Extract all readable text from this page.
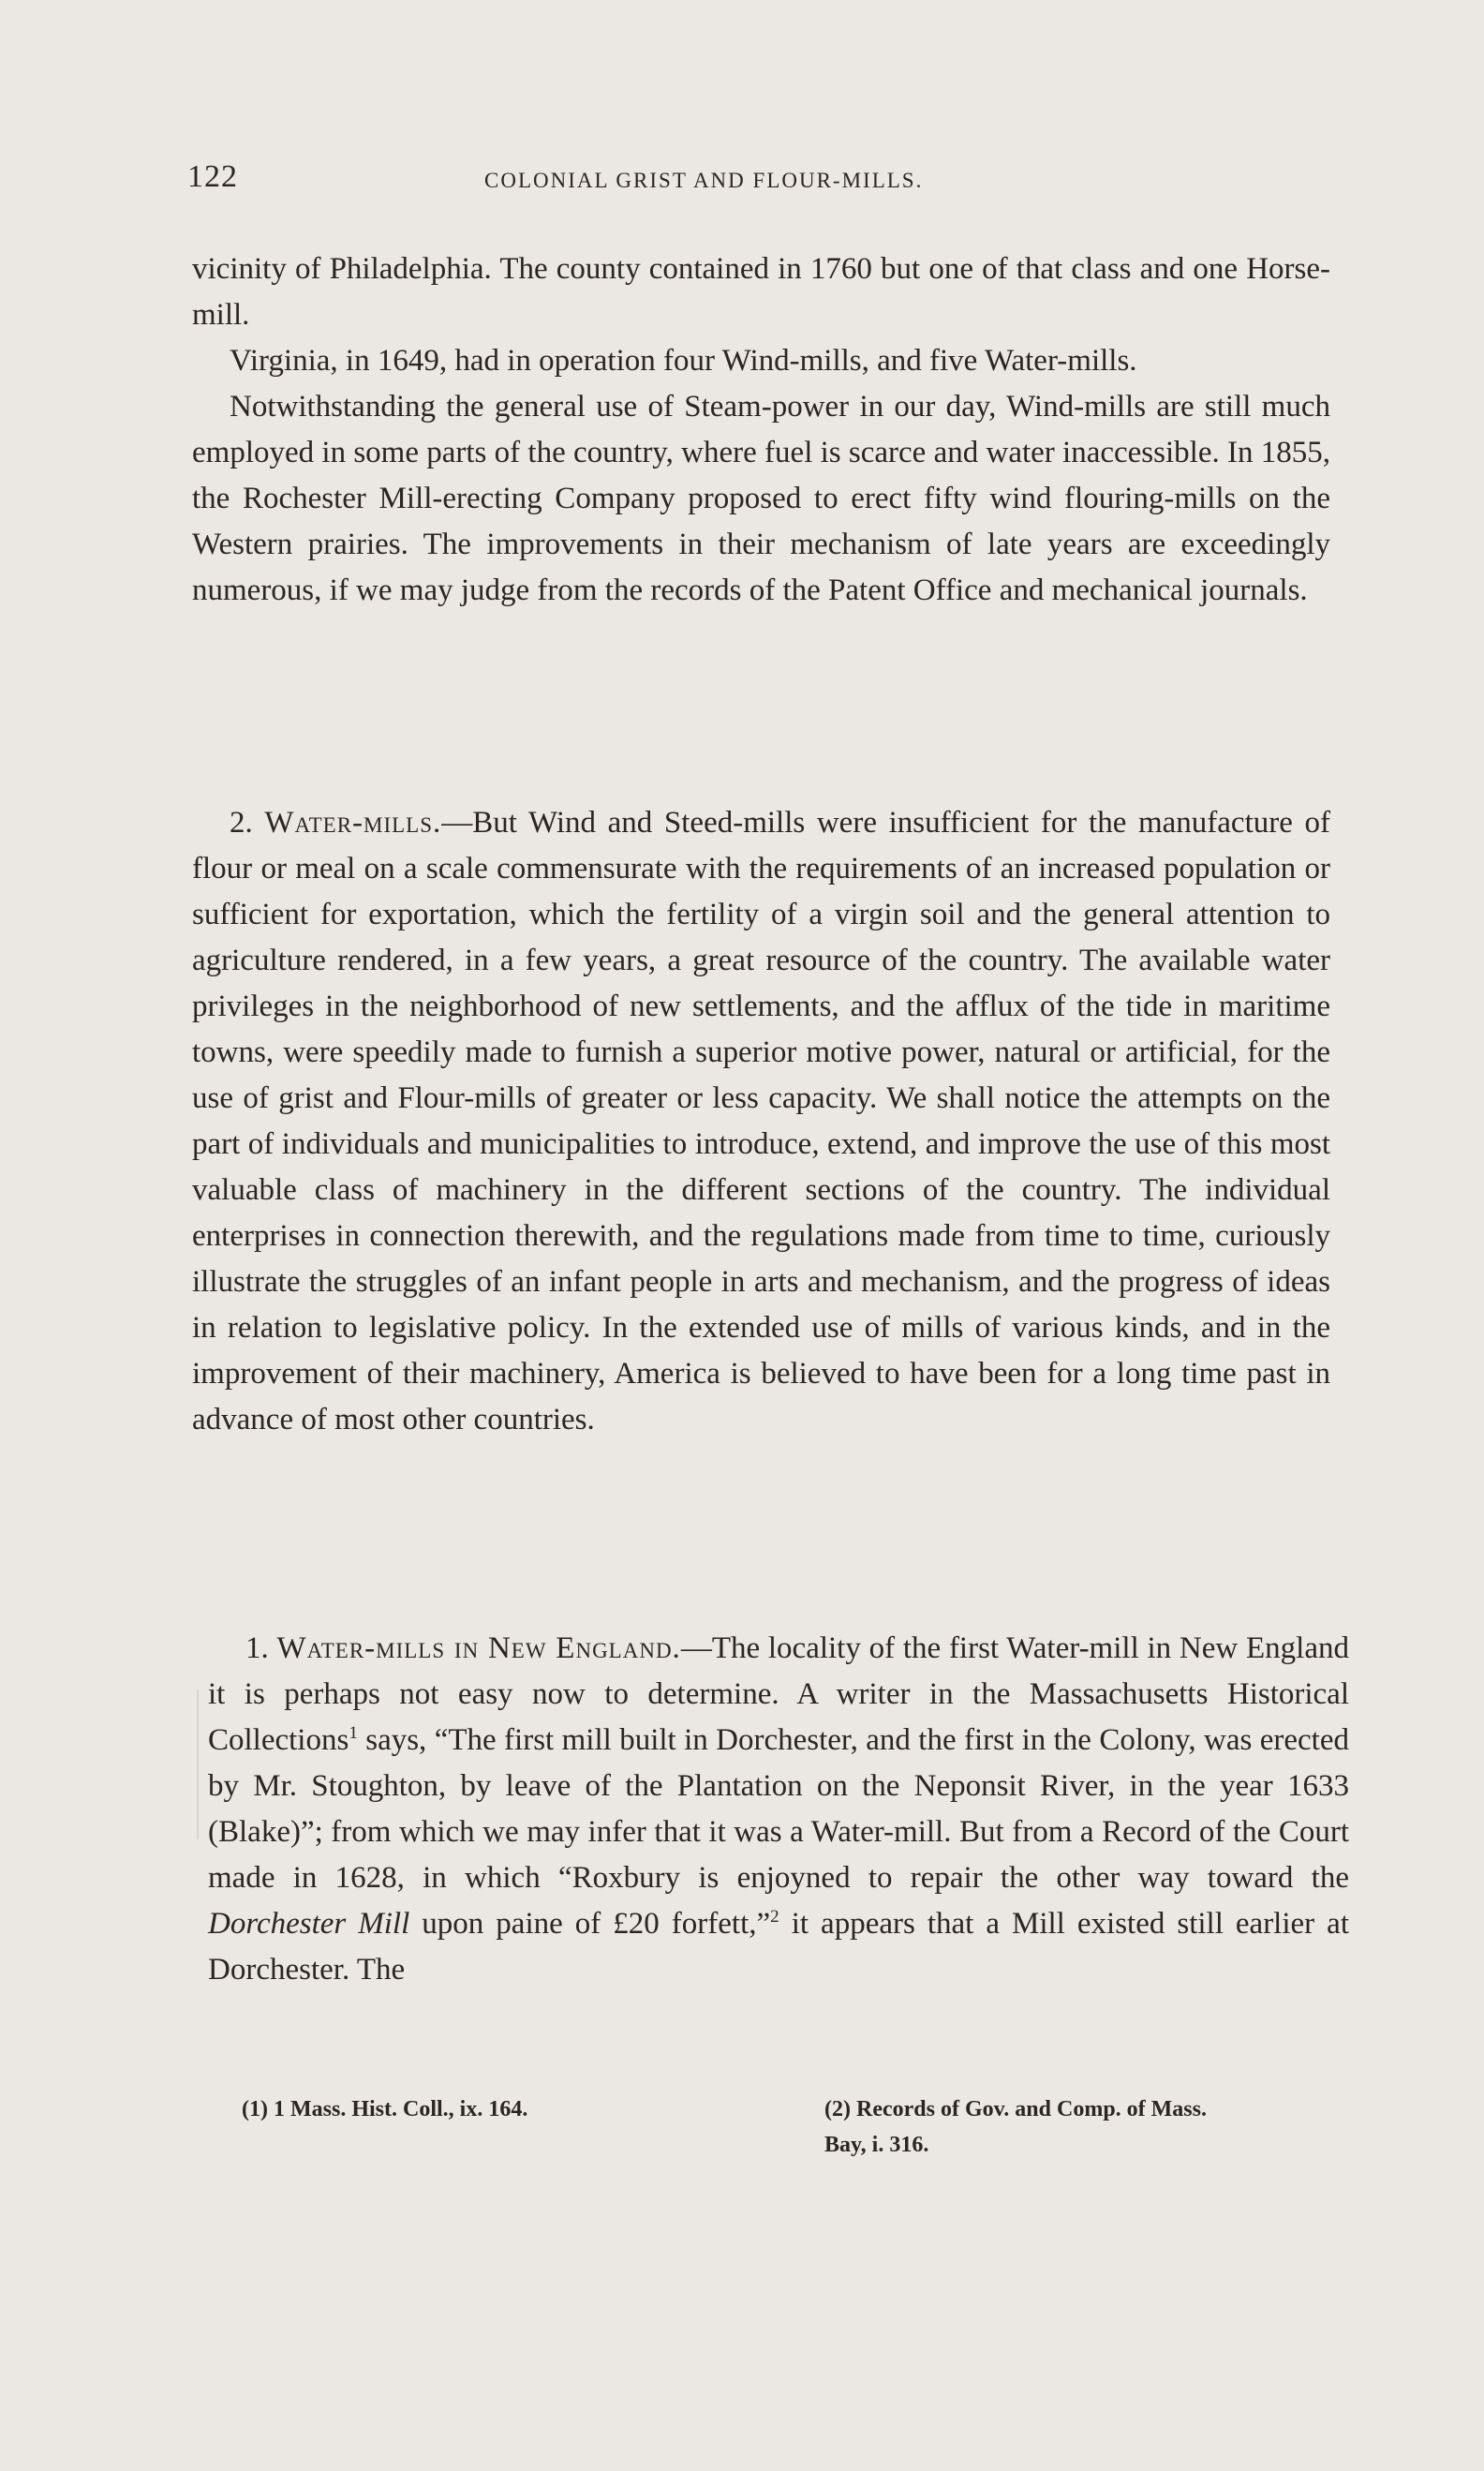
122	COLONIAL GRIST AND FLOUR-MILLS.

vicinity of Philadelphia. The county contained in 1760 but one of that class and one Horse-mill.

Virginia, in 1649, had in operation four Wind-mills, and five Water-mills.

Notwithstanding the general use of Steam-power in our day, Wind-mills are still much employed in some parts of the country, where fuel is scarce and water inaccessible. In 1855, the Rochester Mill-erecting Company proposed to erect fifty wind flouring-mills on the Western prairies. The improvements in their mechanism of late years are exceedingly numerous, if we may judge from the records of the Patent Office and mechanical journals.

2. Water-mills.—But Wind and Steed-mills were insufficient for the manufacture of flour or meal on a scale commensurate with the requirements of an increased population or sufficient for exportation, which the fertility of a virgin soil and the general attention to agriculture rendered, in a few years, a great resource of the country. The available water privileges in the neighborhood of new settlements, and the afflux of the tide in maritime towns, were speedily made to furnish a superior motive power, natural or artificial, for the use of grist and Flour-mills of greater or less capacity. We shall notice the attempts on the part of individuals and municipalities to introduce, extend, and improve the use of this most valuable class of machinery in the different sections of the country. The individual enterprises in connection therewith, and the regulations made from time to time, curiously illustrate the struggles of an infant people in arts and mechanism, and the progress of ideas in relation to legislative policy. In the extended use of mills of various kinds, and in the improvement of their machinery, America is believed to have been for a long time past in advance of most other countries.

1. Water-mills in New England.—The locality of the first Water-mill in New England it is perhaps not easy now to determine. A writer in the Massachusetts Historical Collections$^1$ says, “The first mill built in Dorchester, and the first in the Colony, was erected by Mr. Stoughton, by leave of the Plantation on the Neponsit River, in the year 1633 (Blake)”; from which we may infer that it was a Water-mill. But from a Record of the Court made in 1628, in which “Roxbury is enjoyned to repair the other way toward the Dorchester Mill upon paine of £20 forfett,”$^2$ it appears that a Mill existed still earlier at Dorchester. The

(1) 1 Mass. Hist. Coll., ix. 164.	(2) Records of Gov. and Comp. of Mass.
Bay, i. 316.
